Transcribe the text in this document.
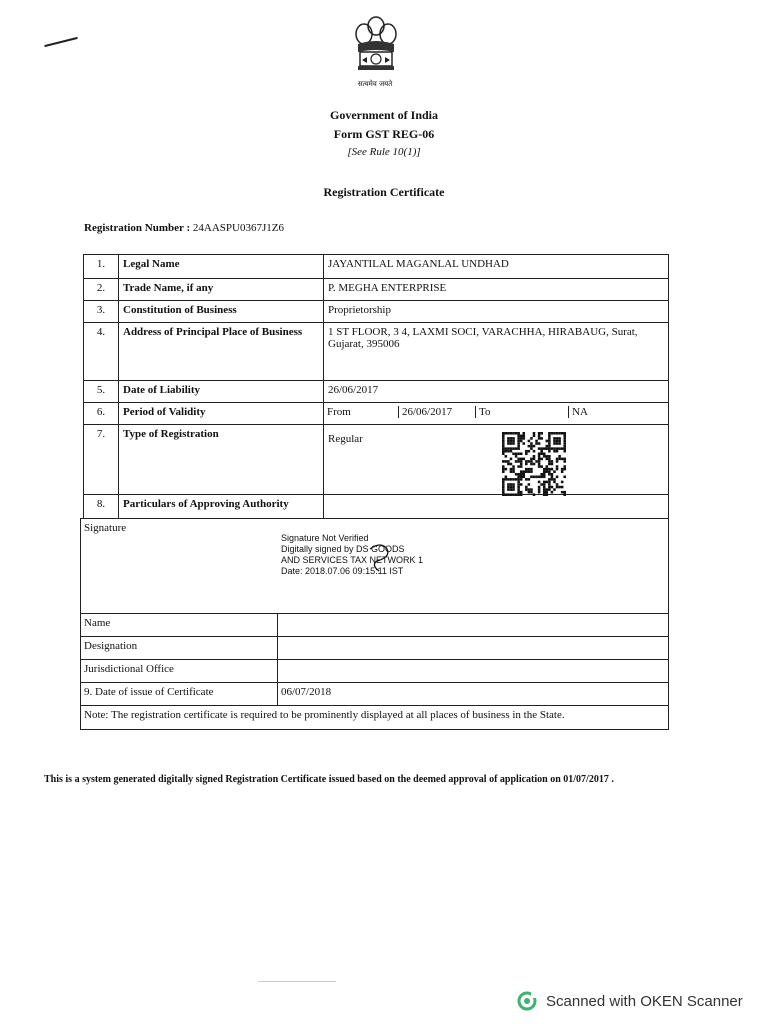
सत्यमेव जयते
Government of India
Form GST REG-06
[See Rule 10(1)]
Registration Certificate
Registration Number : 24AASPU0367J1Z6
1.	Legal Name	JAYANTILAL MAGANLAL UNDHAD
2.	Trade Name, if any	P. MEGHA ENTERPRISE
3.	Constitution of Business	Proprietorship
4.	Address of Principal Place of Business	1 ST FLOOR, 3 4, LAXMI SOCI, VARACHHA, HIRABAUG, Surat, Gujarat, 395006
5.	Date of Liability	26/06/2017
6.	Period of Validity		From	26/06/2017	To	NA

7.	Type of Registration	Regular
8.	Particulars of Approving Authority	
Signature
Signature Not Verified
Digitally signed by DS GOODS
AND SERVICES TAX NETWORK 1
Date: 2018.07.06 09:15:11 IST	

Name	
Designation	
Jurisdictional Office	
9. Date of issue of Certificate	06/07/2018
Note: The registration certificate is required to be prominently displayed at all places of business in the State.	
This is a system generated digitally signed Registration Certificate issued based on the deemed approval of application on 01/07/2017 .
Scanned with OKEN Scanner
